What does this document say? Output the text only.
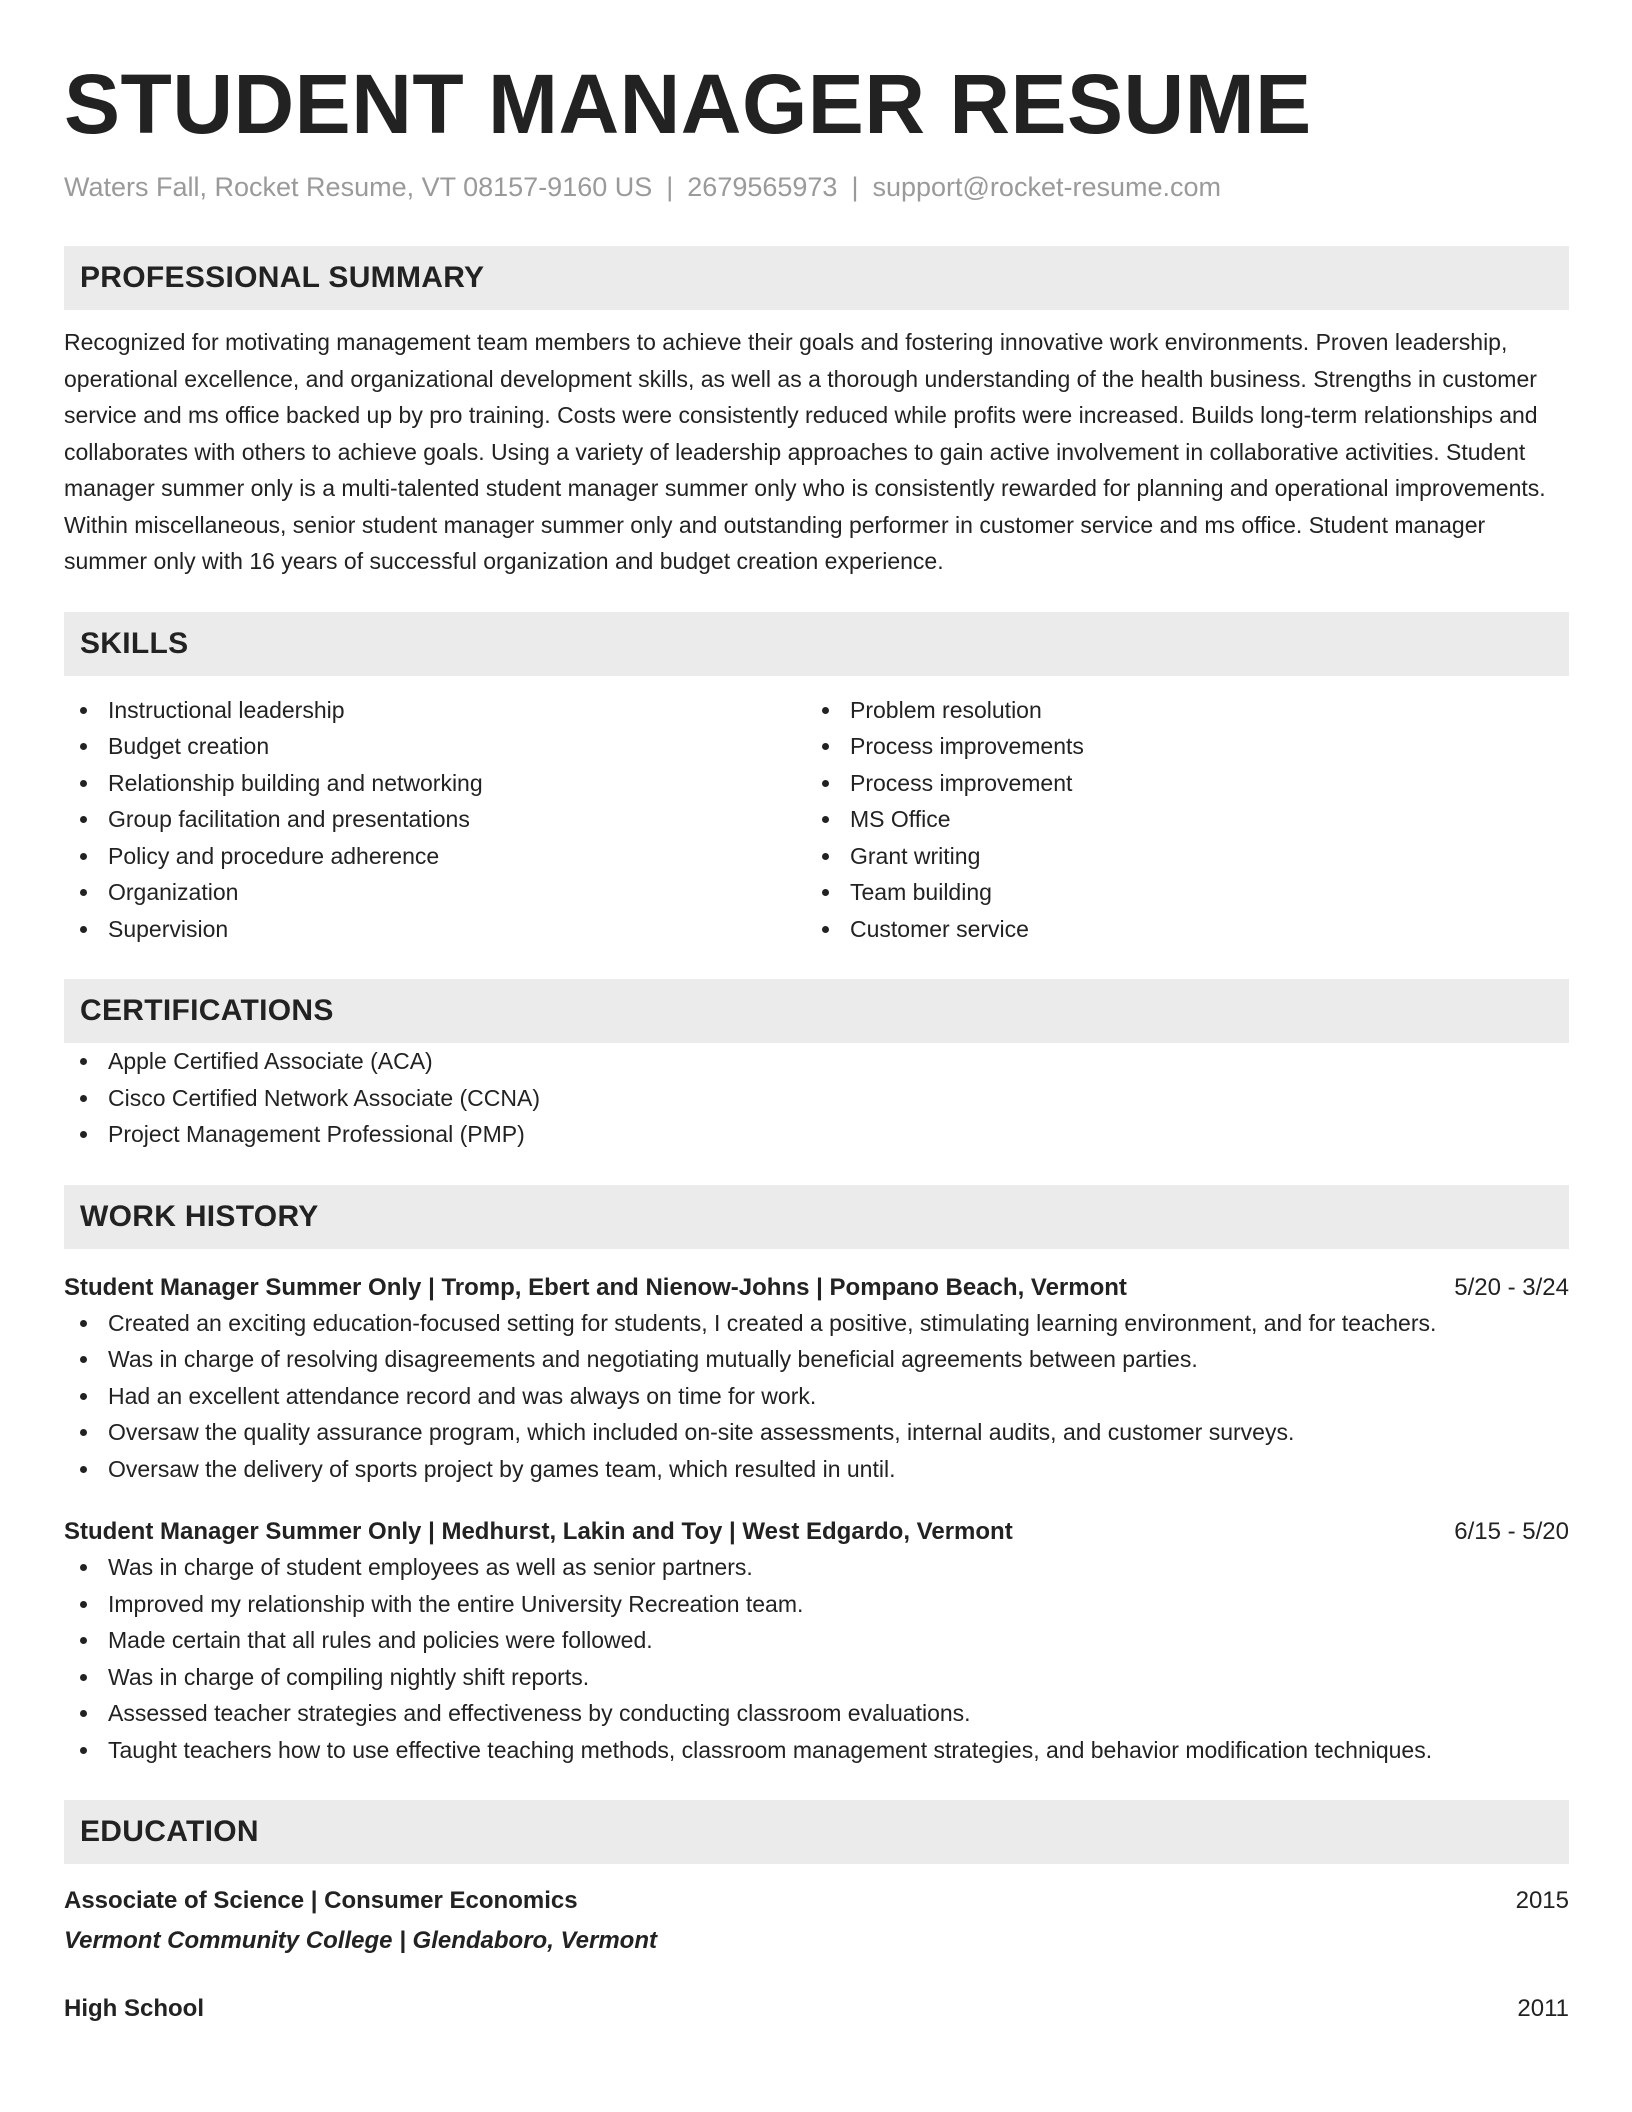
STUDENT MANAGER RESUME
Waters Fall, Rocket Resume, VT 08157-9160 US | 2679565973 | support@rocket-resume.com
PROFESSIONAL SUMMARY
Recognized for motivating management team members to achieve their goals and fostering innovative work environments. Proven leadership, operational excellence, and organizational development skills, as well as a thorough understanding of the health business. Strengths in customer service and ms office backed up by pro training. Costs were consistently reduced while profits were increased. Builds long-term relationships and collaborates with others to achieve goals. Using a variety of leadership approaches to gain active involvement in collaborative activities. Student manager summer only is a multi-talented student manager summer only who is consistently rewarded for planning and operational improvements. Within miscellaneous, senior student manager summer only and outstanding performer in customer service and ms office. Student manager summer only with 16 years of successful organization and budget creation experience.
SKILLS
Instructional leadership
Budget creation
Relationship building and networking
Group facilitation and presentations
Policy and procedure adherence
Organization
Supervision
Problem resolution
Process improvements
Process improvement
MS Office
Grant writing
Team building
Customer service
CERTIFICATIONS
Apple Certified Associate (ACA)
Cisco Certified Network Associate (CCNA)
Project Management Professional (PMP)
WORK HISTORY
Student Manager Summer Only | Tromp, Ebert and Nienow-Johns | Pompano Beach, Vermont	5/20 - 3/24
Created an exciting education-focused setting for students, I created a positive, stimulating learning environment, and for teachers.
Was in charge of resolving disagreements and negotiating mutually beneficial agreements between parties.
Had an excellent attendance record and was always on time for work.
Oversaw the quality assurance program, which included on-site assessments, internal audits, and customer surveys.
Oversaw the delivery of sports project by games team, which resulted in until.
Student Manager Summer Only | Medhurst, Lakin and Toy | West Edgardo, Vermont	6/15 - 5/20
Was in charge of student employees as well as senior partners.
Improved my relationship with the entire University Recreation team.
Made certain that all rules and policies were followed.
Was in charge of compiling nightly shift reports.
Assessed teacher strategies and effectiveness by conducting classroom evaluations.
Taught teachers how to use effective teaching methods, classroom management strategies, and behavior modification techniques.
EDUCATION
Associate of Science | Consumer Economics	2015
Vermont Community College | Glendaboro, Vermont
High School	2011
